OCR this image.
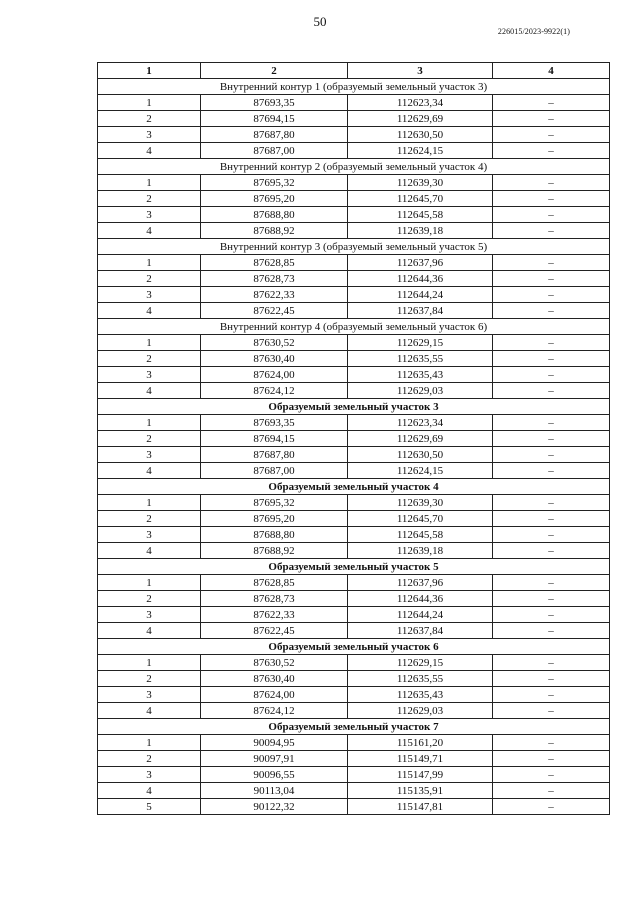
50
226015/2023-9922(1)
1	2	3	4
Внутренний контур 1 (образуемый земельный участок 3)			
1	87693,35	112623,34	–
2	87694,15	112629,69	–
3	87687,80	112630,50	–
4	87687,00	112624,15	–
Внутренний контур 2 (образуемый земельный участок 4)			
1	87695,32	112639,30	–
2	87695,20	112645,70	–
3	87688,80	112645,58	–
4	87688,92	112639,18	–
Внутренний контур 3 (образуемый земельный участок 5)			
1	87628,85	112637,96	–
2	87628,73	112644,36	–
3	87622,33	112644,24	–
4	87622,45	112637,84	–
Внутренний контур 4 (образуемый земельный участок 6)			
1	87630,52	112629,15	–
2	87630,40	112635,55	–
3	87624,00	112635,43	–
4	87624,12	112629,03	–
Образуемый земельный участок 3			
1	87693,35	112623,34	–
2	87694,15	112629,69	–
3	87687,80	112630,50	–
4	87687,00	112624,15	–
Образуемый земельный участок 4			
1	87695,32	112639,30	–
2	87695,20	112645,70	–
3	87688,80	112645,58	–
4	87688,92	112639,18	–
Образуемый земельный участок 5			
1	87628,85	112637,96	–
2	87628,73	112644,36	–
3	87622,33	112644,24	–
4	87622,45	112637,84	–
Образуемый земельный участок 6			
1	87630,52	112629,15	–
2	87630,40	112635,55	–
3	87624,00	112635,43	–
4	87624,12	112629,03	–
Образуемый земельный участок 7			
1	90094,95	115161,20	–
2	90097,91	115149,71	–
3	90096,55	115147,99	–
4	90113,04	115135,91	–
5	90122,32	115147,81	–
